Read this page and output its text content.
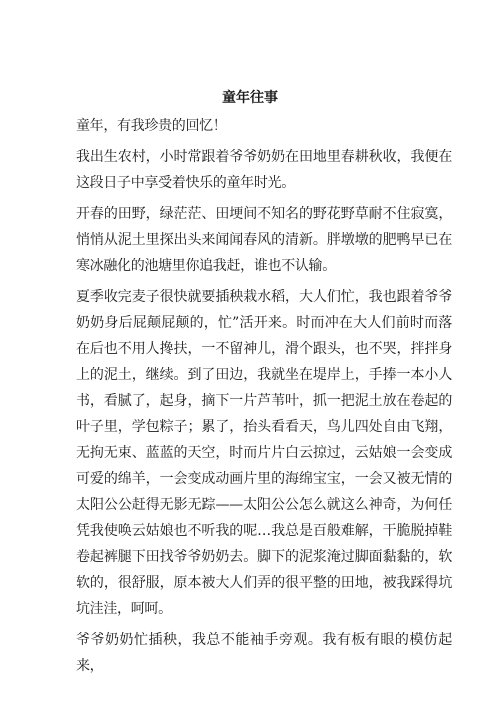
童年往事

童年，有我珍贵的回忆！

我出生农村，小时常跟着爷爷奶奶在田地里春耕秋收，我便在这段日子中享受着快乐的童年时光。

开春的田野，绿茫茫、田埂间不知名的野花野草耐不住寂寞，悄悄从泥土里探出头来闻闻春风的清新。胖墩墩的肥鸭早已在寒冰融化的池塘里你追我赶，谁也不认输。

夏季收完麦子很快就要插秧栽水稻，大人们忙，我也跟着爷爷奶奶身后屁颠屁颠的，忙”活开来。时而冲在大人们前时而落在后也不用人搀扶，一不留神儿，滑个跟头，也不哭，拌拌身上的泥土，继续。到了田边，我就坐在堤岸上，手捧一本小人书，看腻了，起身，摘下一片芦苇叶，抓一把泥土放在卷起的叶子里，学包粽子；累了，抬头看看天，鸟儿四处自由飞翔，无拘无束、蓝蓝的天空，时而片片白云掠过，云姑娘一会变成可爱的绵羊，一会变成动画片里的海绵宝宝，一会又被无情的太阳公公赶得无影无踪——太阳公公怎么就这么神奇，为何任凭我使唤云姑娘也不听我的呢…我总是百般难解，干脆脱掉鞋卷起裤腿下田找爷爷奶奶去。脚下的泥浆淹过脚面黏黏的，软软的，很舒服，原本被大人们弄的很平整的田地，被我踩得坑坑洼洼，呵呵。

爷爷奶奶忙插秧，我总不能袖手旁观。我有板有眼的模仿起来，
